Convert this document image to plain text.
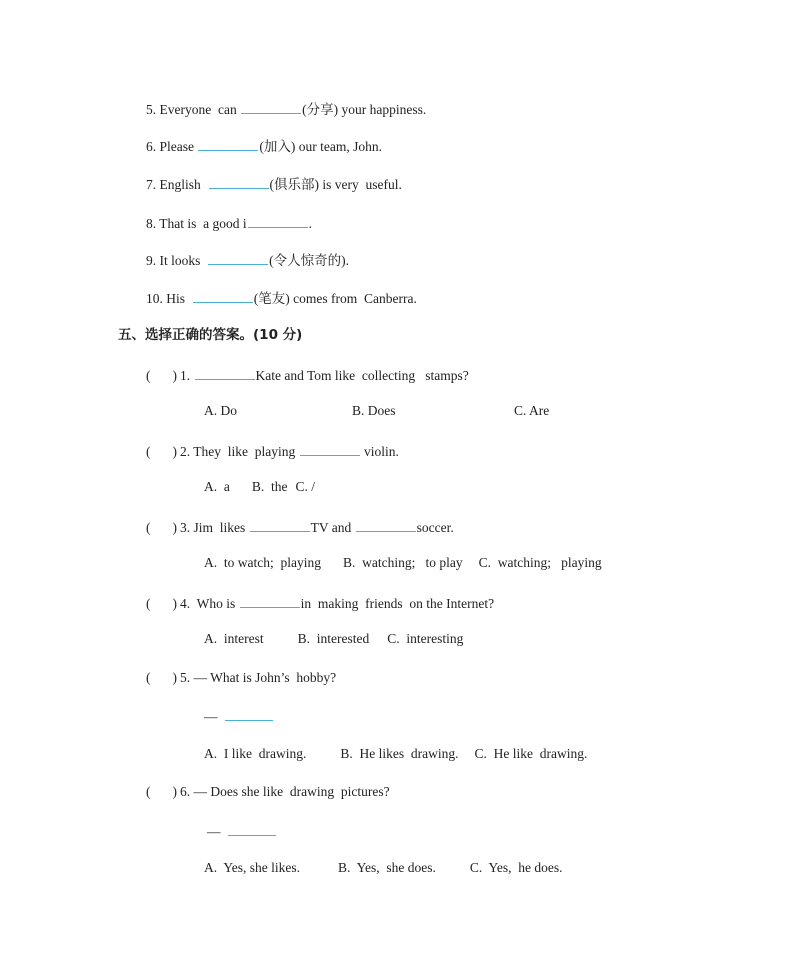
5. Everyone  can	(分享) your happiness.
6. Please	(加入) our team, John.
7. English	(俱乐部) is very  useful.
8. That is  a good i	.
9. It looks	(令人惊奇的).
10. His	(笔友) comes from  Canberra.
五、选择正确的答案。(10 分)
( ) 1.	Kate and Tom like  collecting   stamps?
A. Do	B. Does	C. Are
( ) 2. They  like  playing	violin.
A.  a B.  the C. /
( ) 3. Jim  likes	TV and	soccer.
A.  to watch;  playing B.  watching;   to play C.  watching;   playing
( ) 4.  Who is	in  making  friends  on the Internet?
A.  interest	B.  interested C.  interesting
( ) 5. — What is John’s  hobby?
—
A.  I like  drawing.	B.  He likes  drawing. C.  He like  drawing.
( ) 6. — Does she like  drawing  pictures?
—
A.  Yes, she likes.	B.  Yes,  she does.	C.  Yes,  he does.
